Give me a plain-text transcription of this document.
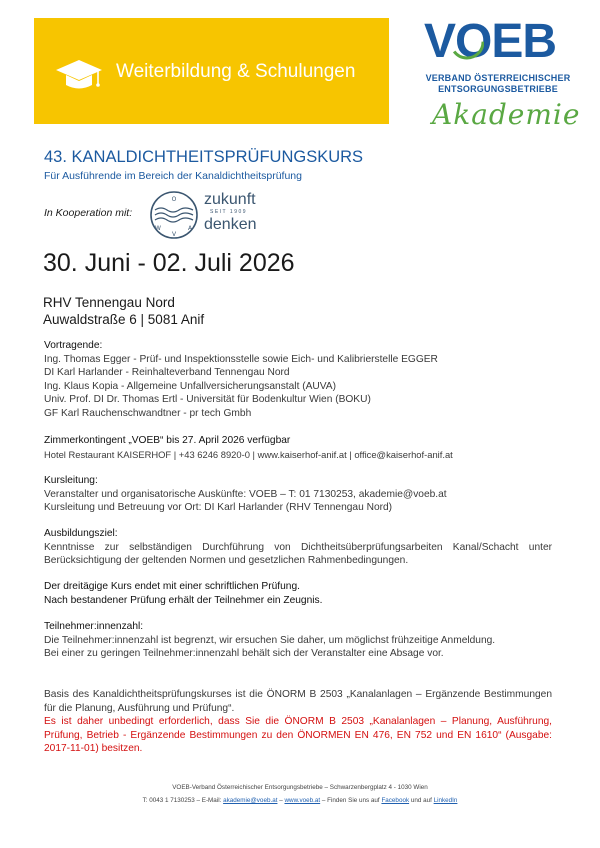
Weiterbildung & Schulungen
VOEB
VERBAND ÖSTERREICHISCHER
ENTSORGUNGSBETRIEBE
Akademie
43. KANALDICHTHEITSPRÜFUNGSKURS
Für Ausführende im Bereich der Kanaldichtheitsprüfung
In Kooperation mit:
O
W	A
V
zukunft
SEIT 1909
denken
30. Juni - 02. Juli 2026
RHV Tennengau Nord
Auwaldstraße 6 | 5081 Anif
Vortragende:
Ing. Thomas Egger - Prüf- und Inspektionsstelle sowie Eich- und Kalibrierstelle EGGER
DI Karl Harlander - Reinhalteverband Tennengau Nord
Ing. Klaus Kopia - Allgemeine Unfallversicherungsanstalt (AUVA)
Univ. Prof. DI Dr. Thomas Ertl - Universität für Bodenkultur Wien (BOKU)
GF Karl Rauchenschwandtner - pr tech Gmbh
Zimmerkontingent „VOEB“ bis 27. April 2026 verfügbar
Hotel Restaurant KAISERHOF | +43 6246 8920-0 | www.kaiserhof-anif.at | office@kaiserhof-anif.at
Kursleitung:
Veranstalter und organisatorische Auskünfte: VOEB – T: 01 7130253, akademie@voeb.at
Kursleitung und Betreuung vor Ort: DI Karl Harlander (RHV Tennengau Nord)
Ausbildungsziel:
Kenntnisse zur selbständigen Durchführung von Dichtheitsüberprüfungsarbeiten Kanal/Schacht unter Berücksichtigung der geltenden Normen und gesetzlichen Rahmenbedingungen.
Der dreitägige Kurs endet mit einer schriftlichen Prüfung.
Nach bestandener Prüfung erhält der Teilnehmer ein Zeugnis.
Teilnehmer:innenzahl:
Die Teilnehmer:innenzahl ist begrenzt, wir ersuchen Sie daher, um möglichst frühzeitige Anmeldung.
Bei einer zu geringen Teilnehmer:innenzahl behält sich der Veranstalter eine Absage vor.
Basis des Kanaldichtheitsprüfungskurses ist die ÖNORM B 2503 „Kanalanlagen – Ergänzende Bestimmungen für die Planung, Ausführung und Prüfung“.
Es ist daher unbedingt erforderlich, dass Sie die ÖNORM B 2503 „Kanalanlagen – Planung, Ausführung, Prüfung, Betrieb - Ergänzende Bestimmungen zu den ÖNORMEN EN 476, EN 752 und EN 1610“ (Ausgabe: 2017-11-01) besitzen.
VOEB-Verband Österreichischer Entsorgungsbetriebe – Schwarzenbergplatz 4 - 1030 Wien
T: 0043 1 7130253 – E-Mail: akademie@voeb.at – www.voeb.at – Finden Sie uns auf Facebook und auf LinkedIn
